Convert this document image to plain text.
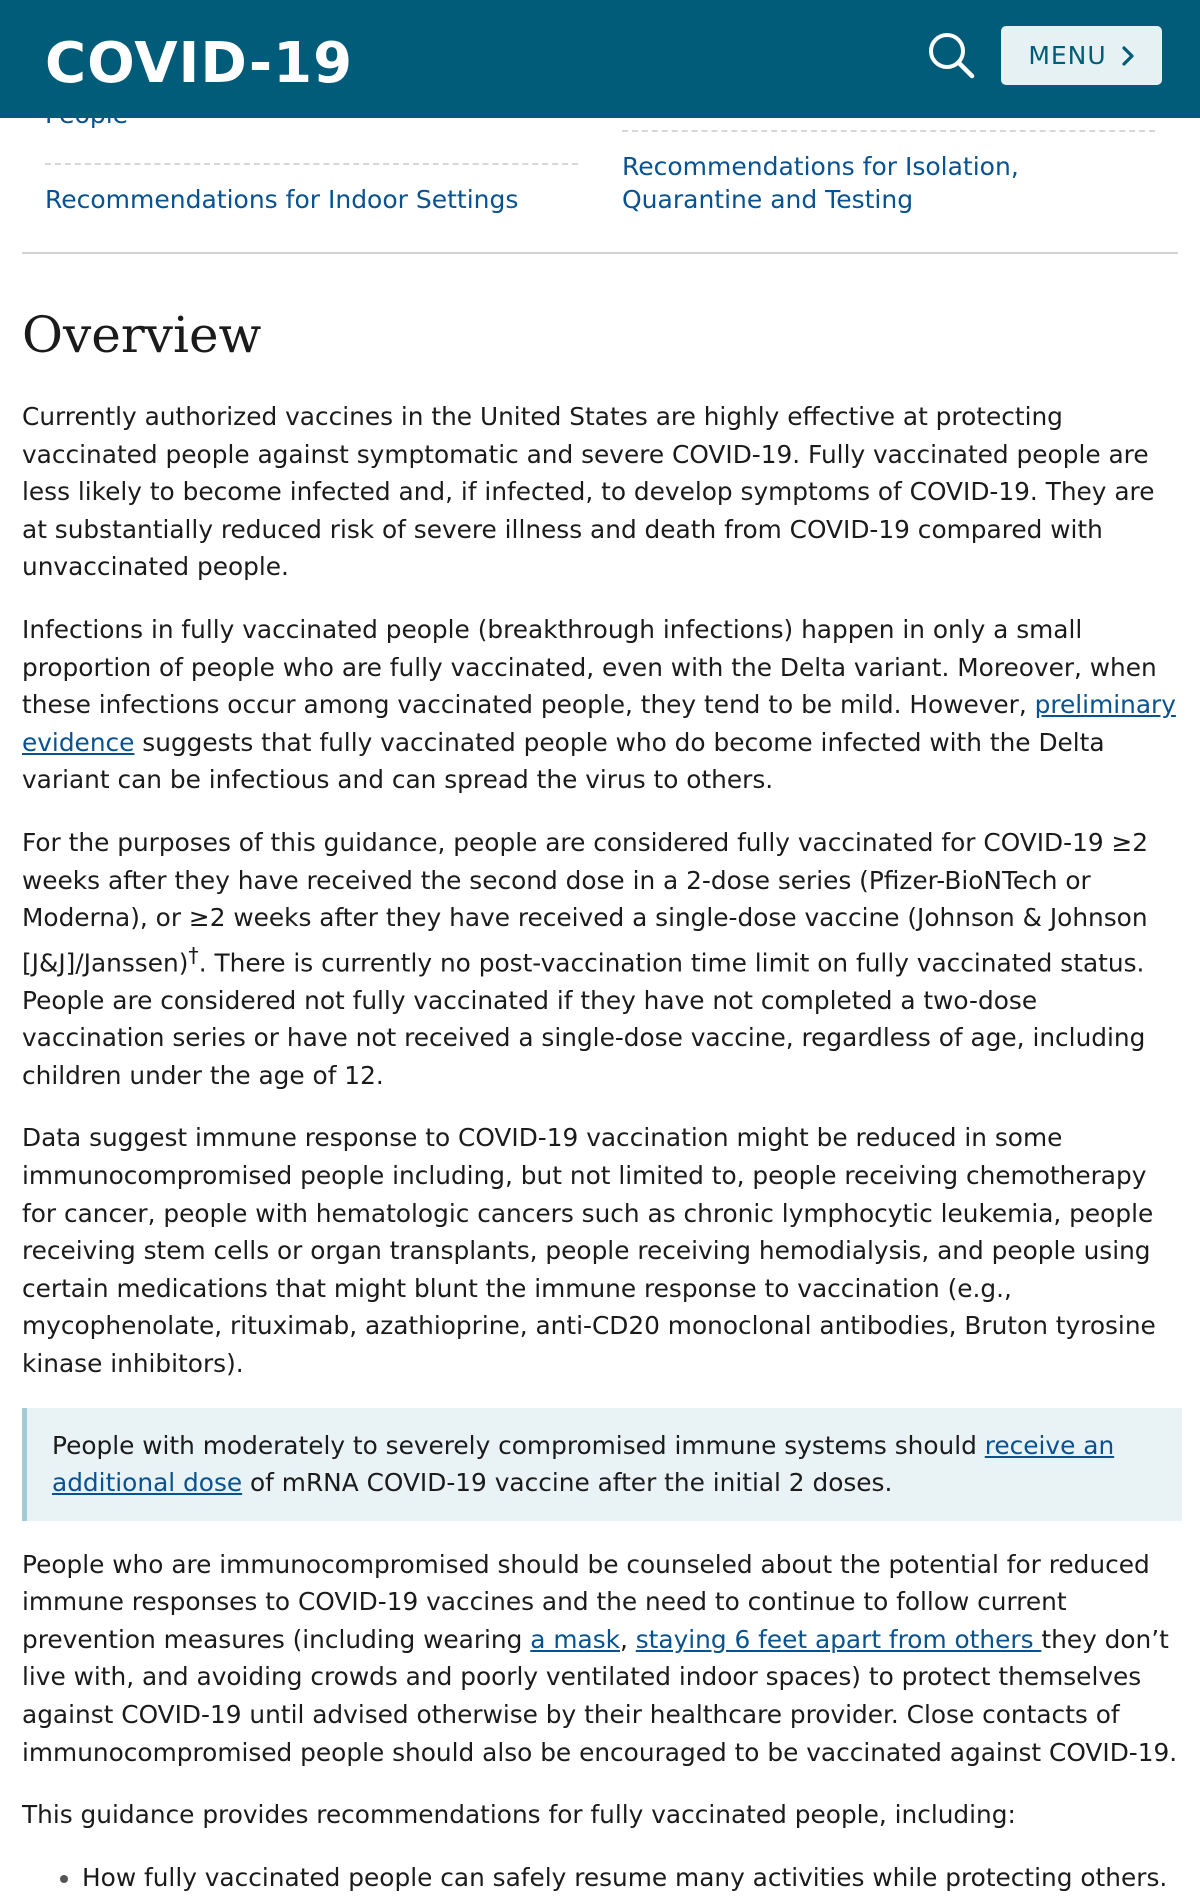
COVID-19	MENU
Recommendations for Indoor Settings
Recommendations for Isolation, Quarantine and Testing
Overview

Currently authorized vaccines in the United States are highly effective at protecting vaccinated people against symptomatic and severe COVID-19. Fully vaccinated people are less likely to become infected and, if infected, to develop symptoms of COVID-19. They are at substantially reduced risk of severe illness and death from COVID-19 compared with unvaccinated people.

Infections in fully vaccinated people (breakthrough infections) happen in only a small proportion of people who are fully vaccinated, even with the Delta variant. Moreover, when these infections occur among vaccinated people, they tend to be mild. However, preliminary evidence suggests that fully vaccinated people who do become infected with the Delta variant can be infectious and can spread the virus to others.

For the purposes of this guidance, people are considered fully vaccinated for COVID-19 ≥2 weeks after they have received the second dose in a 2-dose series (Pfizer-BioNTech or Moderna), or ≥2 weeks after they have received a single-dose vaccine (Johnson & Johnson [J&J]/Janssen)†. There is currently no post-vaccination time limit on fully vaccinated status. People are considered not fully vaccinated if they have not completed a two-dose vaccination series or have not received a single-dose vaccine, regardless of age, including children under the age of 12.

Data suggest immune response to COVID-19 vaccination might be reduced in some immunocompromised people including, but not limited to, people receiving chemotherapy for cancer, people with hematologic cancers such as chronic lymphocytic leukemia, people receiving stem cells or organ transplants, people receiving hemodialysis, and people using certain medications that might blunt the immune response to vaccination (e.g., mycophenolate, rituximab, azathioprine, anti-CD20 monoclonal antibodies, Bruton tyrosine kinase inhibitors).

People with moderately to severely compromised immune systems should receive an additional dose of mRNA COVID-19 vaccine after the initial 2 doses.

People who are immunocompromised should be counseled about the potential for reduced immune responses to COVID-19 vaccines and the need to continue to follow current prevention measures (including wearing a mask, staying 6 feet apart from others they don’t live with, and avoiding crowds and poorly ventilated indoor spaces) to protect themselves against COVID-19 until advised otherwise by their healthcare provider. Close contacts of immunocompromised people should also be encouraged to be vaccinated against COVID-19.

This guidance provides recommendations for fully vaccinated people, including:

• How fully vaccinated people can safely resume many activities while protecting others.
